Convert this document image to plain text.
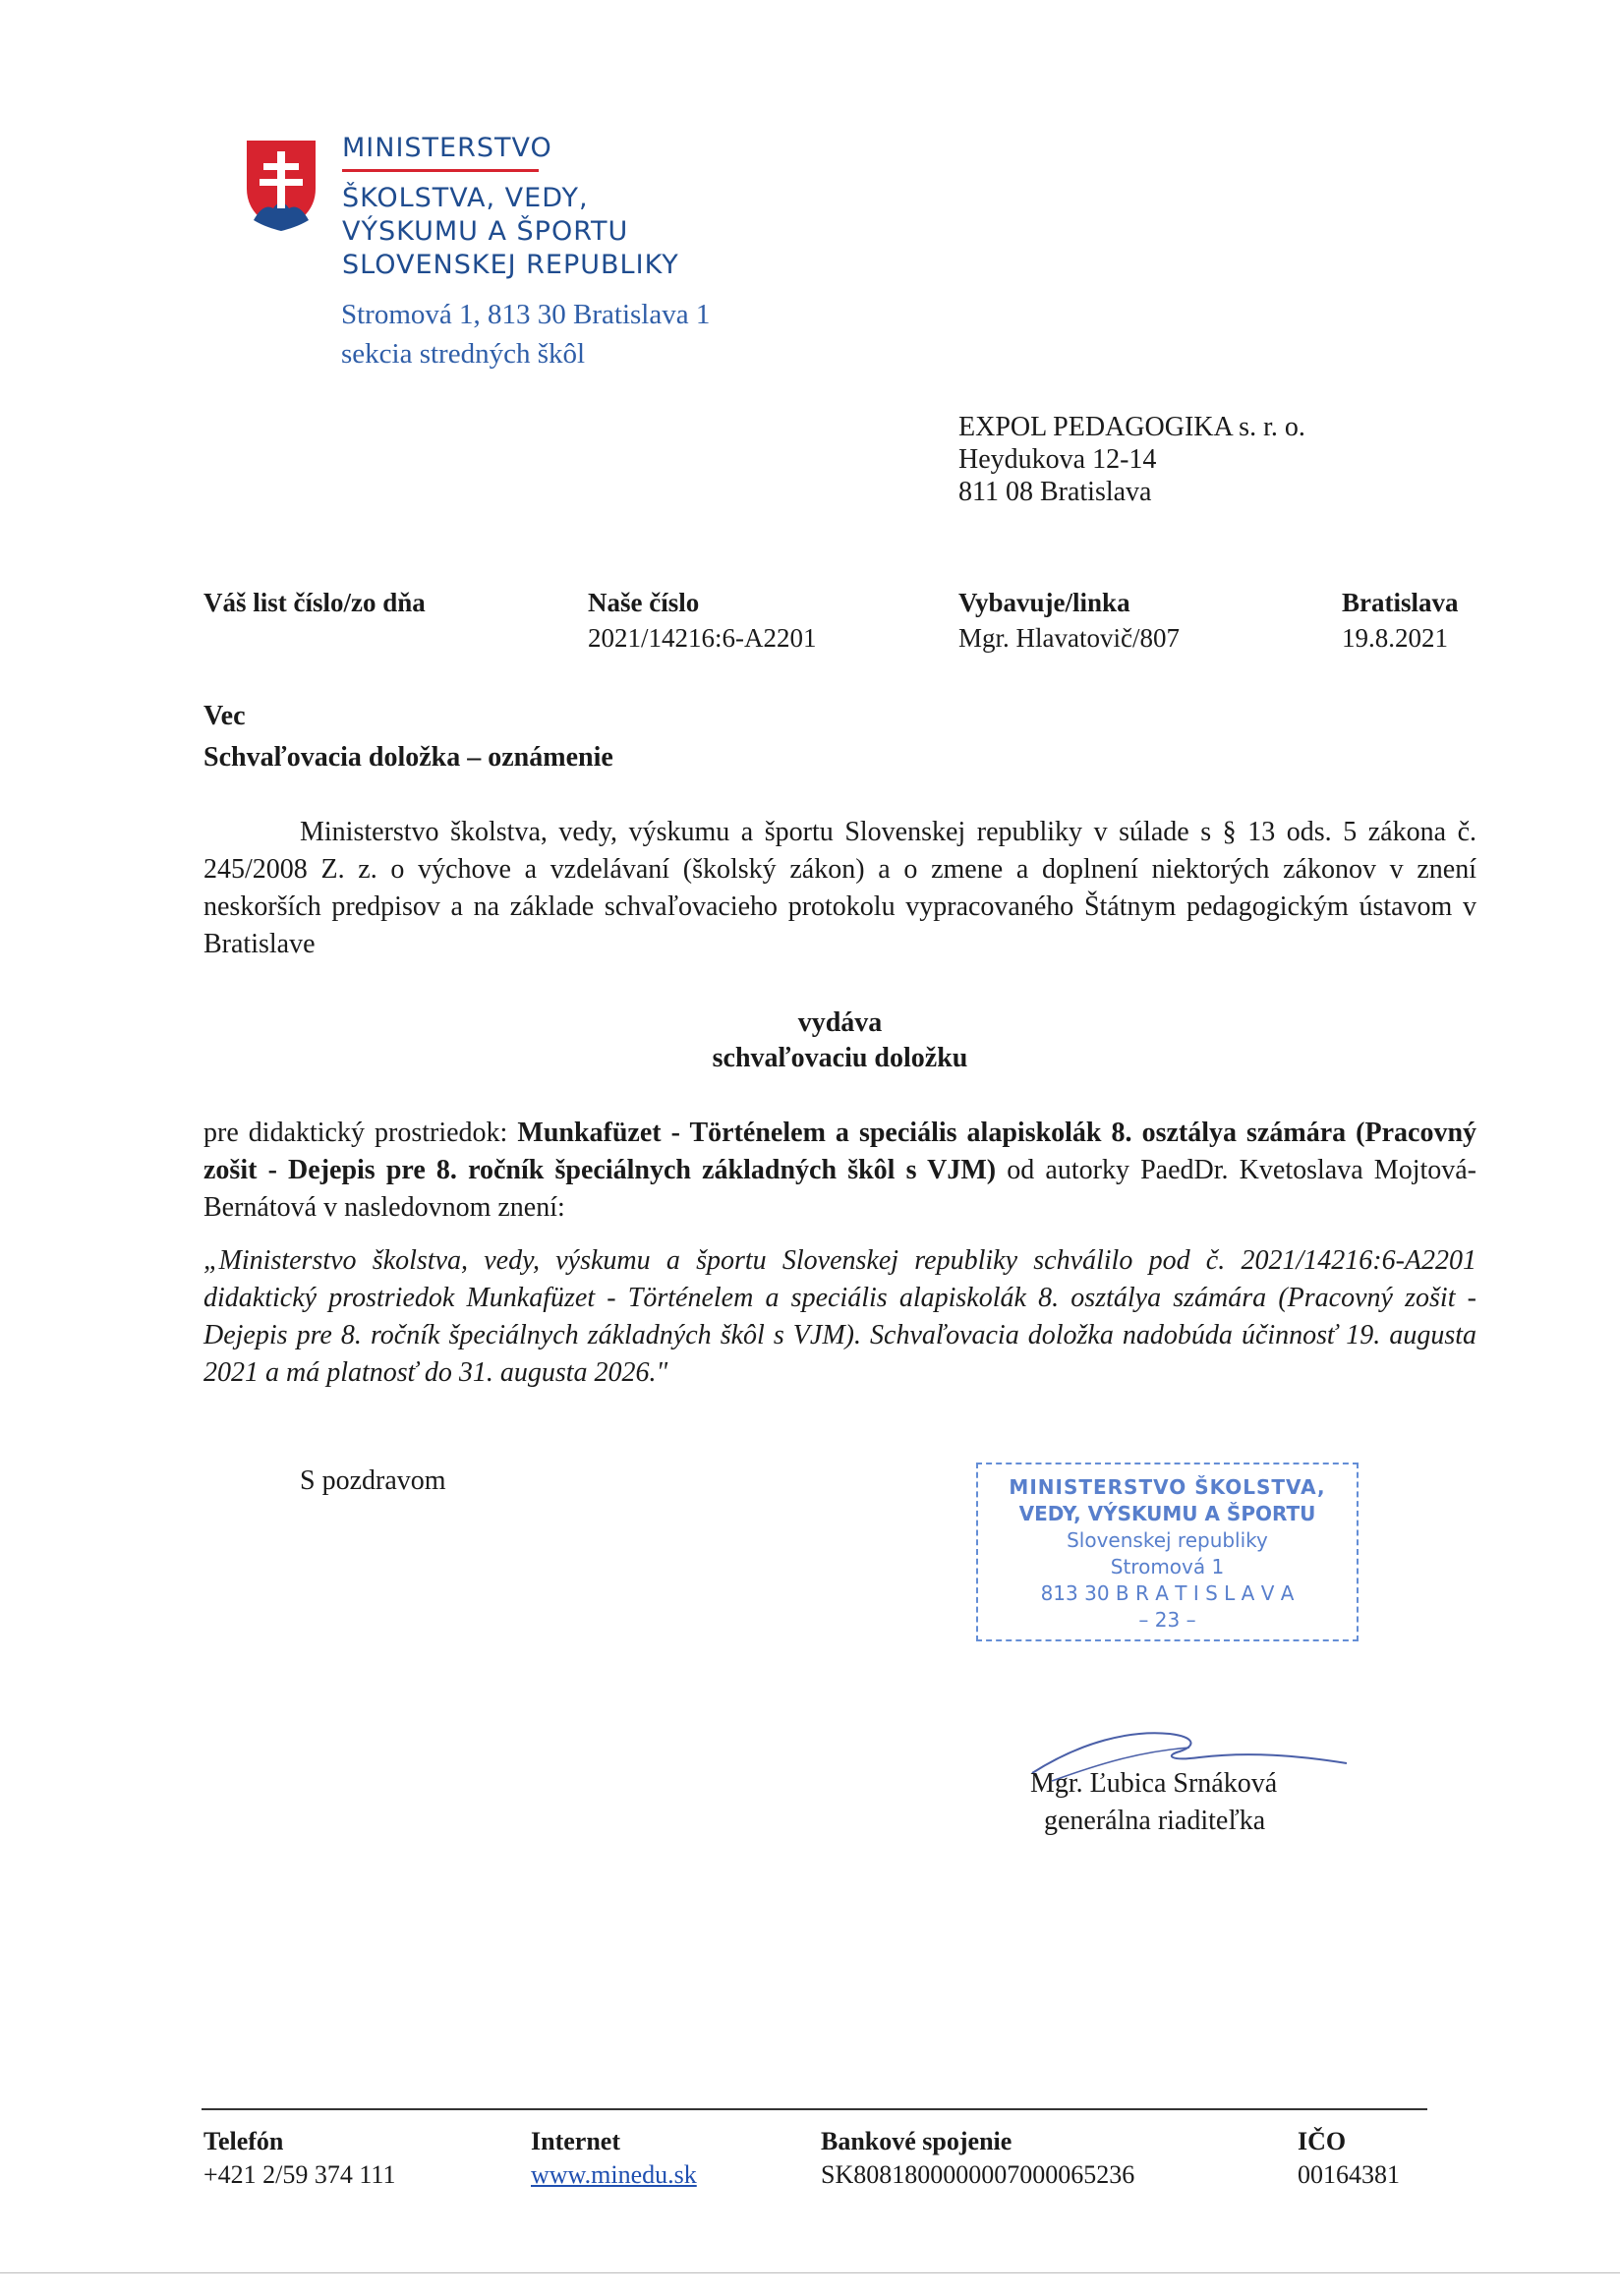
MINISTERSTVO
ŠKOLSTVA, VEDY,
VÝSKUMU A ŠPORTU
SLOVENSKEJ REPUBLIKY
Stromová 1, 813 30 Bratislava 1
sekcia stredných škôl
EXPOL PEDAGOGIKA s. r. o.
Heydukova 12-14
811 08 Bratislava
Váš list číslo/zo dňa	Naše číslo
2021/14216:6-A2201
Vybavuje/linka
Mgr. Hlavatovič/807
Bratislava
19.8.2021
Vec
Schvaľovacia doložka – oznámenie
Ministerstvo školstva, vedy, výskumu a športu Slovenskej republiky v súlade s § 13 ods. 5 zákona č. 245/2008 Z. z. o výchove a vzdelávaní (školský zákon) a o zmene a doplnení niektorých zákonov v znení neskorších predpisov a na základe schvaľovacieho protokolu vypracovaného Štátnym pedagogickým ústavom v Bratislave
vydáva
schvaľovaciu doložku
pre didaktický prostriedok: Munkafüzet - Történelem a speciális alapiskolák 8. osztálya számára (Pracovný zošit - Dejepis pre 8. ročník špeciálnych základných škôl s VJM) od autorky PaedDr. Kvetoslava Mojtová-Bernátová v nasledovnom znení:
„Ministerstvo školstva, vedy, výskumu a športu Slovenskej republiky schválilo pod č. 2021/14216:6-A2201 didaktický prostriedok Munkafüzet - Történelem a speciális alapiskolák 8. osztálya számára (Pracovný zošit - Dejepis pre 8. ročník špeciálnych základných škôl s VJM). Schvaľovacia doložka nadobúda účinnosť 19. augusta 2021 a má platnosť do 31. augusta 2026."
S pozdravom	MINISTERSTVO ŠKOLSTVA,
VEDY, VÝSKUMU A ŠPORTU
Slovenskej republiky
Stromová 1
813 30 B R A T I S L A V A
– 23 –
Mgr. Ľubica Srnáková
generálna riaditeľka
Telefón
+421 2/59 374 111
Internet
www.minedu.sk
Bankové spojenie
SK8081800000007000065236
IČO
00164381
